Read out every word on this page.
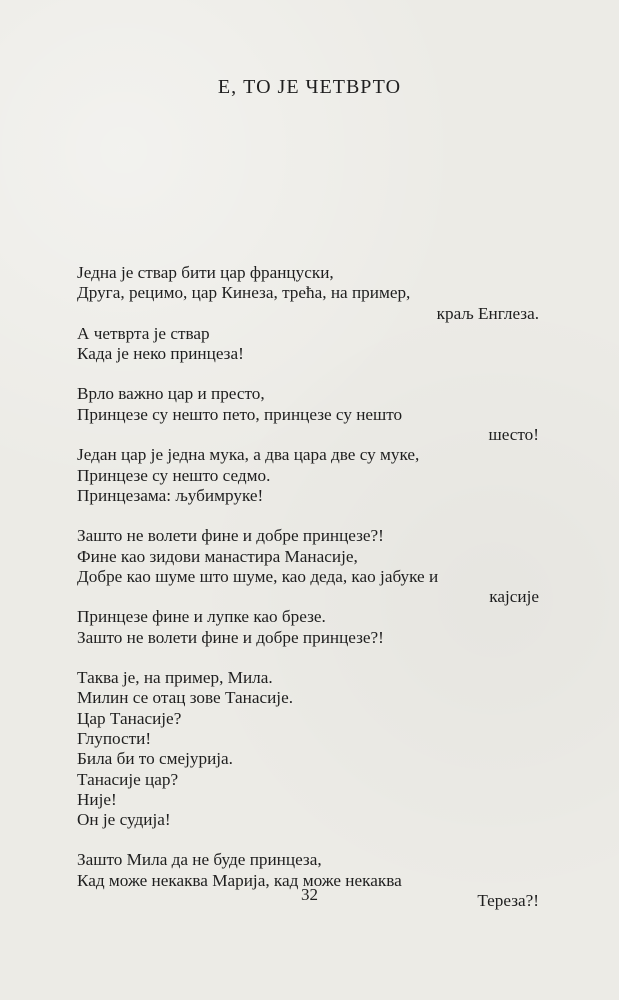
Е, ТО ЈЕ ЧЕТВРТО
Једна је ствар бити цар француски,
Друга, рецимо, цар Кинеза, трећа, на пример,
краљ Енглеза.
А четврта је ствар
Када је неко принцеза!
Врло важно цар и престо,
Принцезе су нешто пето, принцезе су нешто
шесто!
Један цар је једна мука, а два цара две су муке,
Принцезе су нешто седмо.
Принцезама: љубимруке!
Зашто не волети фине и добре принцезе?!
Фине као зидови манастира Манасије,
Добре као шуме што шуме, као деда, као јабуке и
кајсије
Принцезе фине и лупке као брезе.
Зашто не волети фине и добре принцезе?!
Таква је, на пример, Мила.
Милин се отац зове Танасије.
Цар Танасије?
Глупости!
Била би то смејурија.
Танасије цар?
Није!
Он је судија!
Зашто Мила да не буде принцеза,
Кад може некаква Марија, кад може некаква
Тереза?!
32
